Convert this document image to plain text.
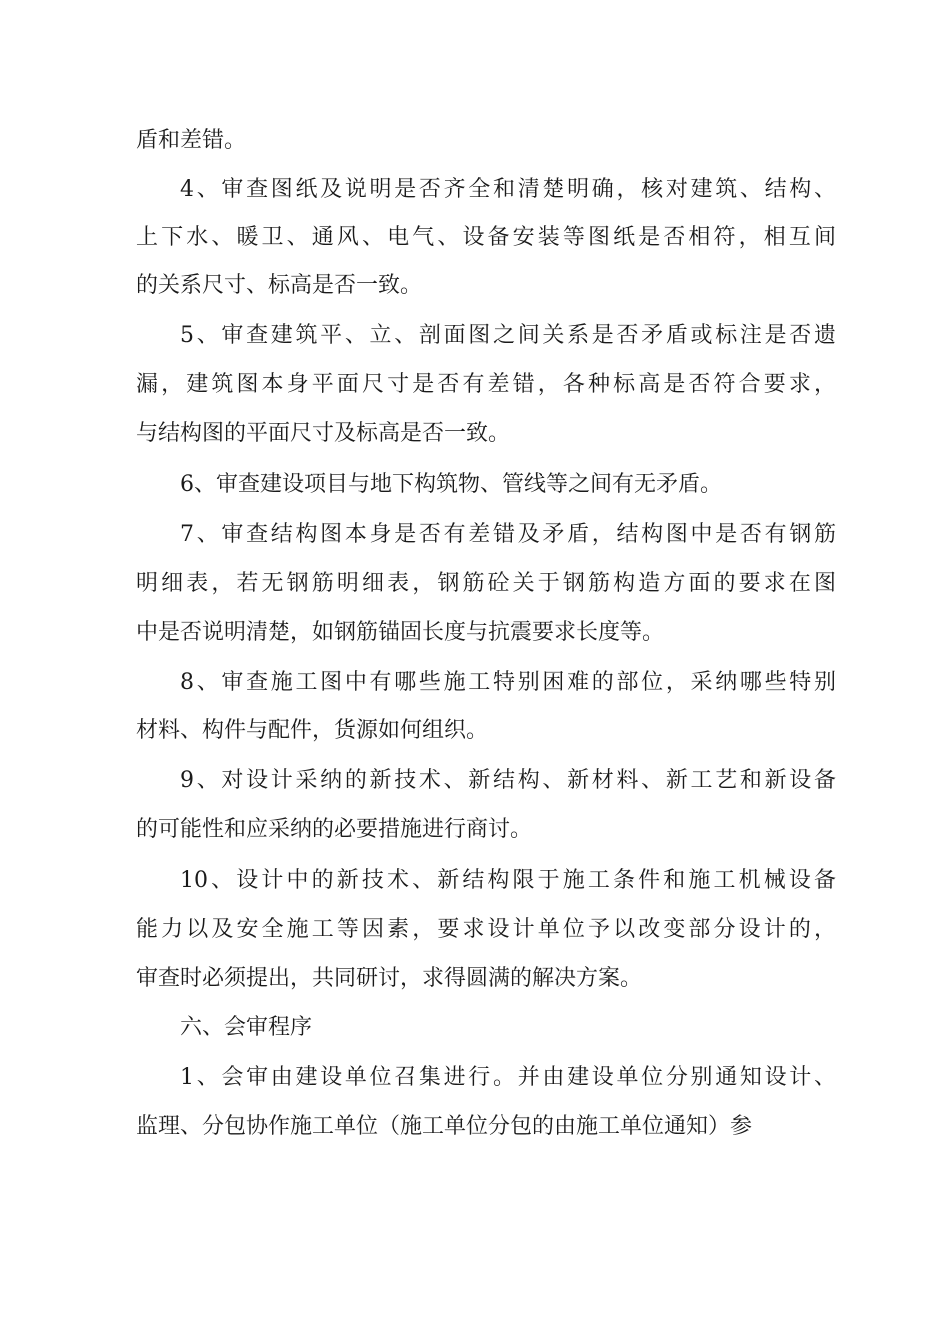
盾和差错。
4、审查图纸及说明是否齐全和清楚明确，核对建筑、结构、
上下水、暖卫、通风、电气、设备安装等图纸是否相符，相互间
的关系尺寸、标高是否一致。
5、审查建筑平、立、剖面图之间关系是否矛盾或标注是否遗
漏，建筑图本身平面尺寸是否有差错，各种标高是否符合要求，
与结构图的平面尺寸及标高是否一致。
6、审查建设项目与地下构筑物、管线等之间有无矛盾。
7、审查结构图本身是否有差错及矛盾，结构图中是否有钢筋
明细表，若无钢筋明细表，钢筋砼关于钢筋构造方面的要求在图
中是否说明清楚，如钢筋锚固长度与抗震要求长度等。
8、审查施工图中有哪些施工特别困难的部位，采纳哪些特别
材料、构件与配件，货源如何组织。
9、对设计采纳的新技术、新结构、新材料、新工艺和新设备
的可能性和应采纳的必要措施进行商讨。
10、设计中的新技术、新结构限于施工条件和施工机械设备
能力以及安全施工等因素，要求设计单位予以改变部分设计的，
审查时必须提出，共同研讨，求得圆满的解决方案。
六、会审程序
1、会审由建设单位召集进行。并由建设单位分别通知设计、
监理、分包协作施工单位（施工单位分包的由施工单位通知）参
